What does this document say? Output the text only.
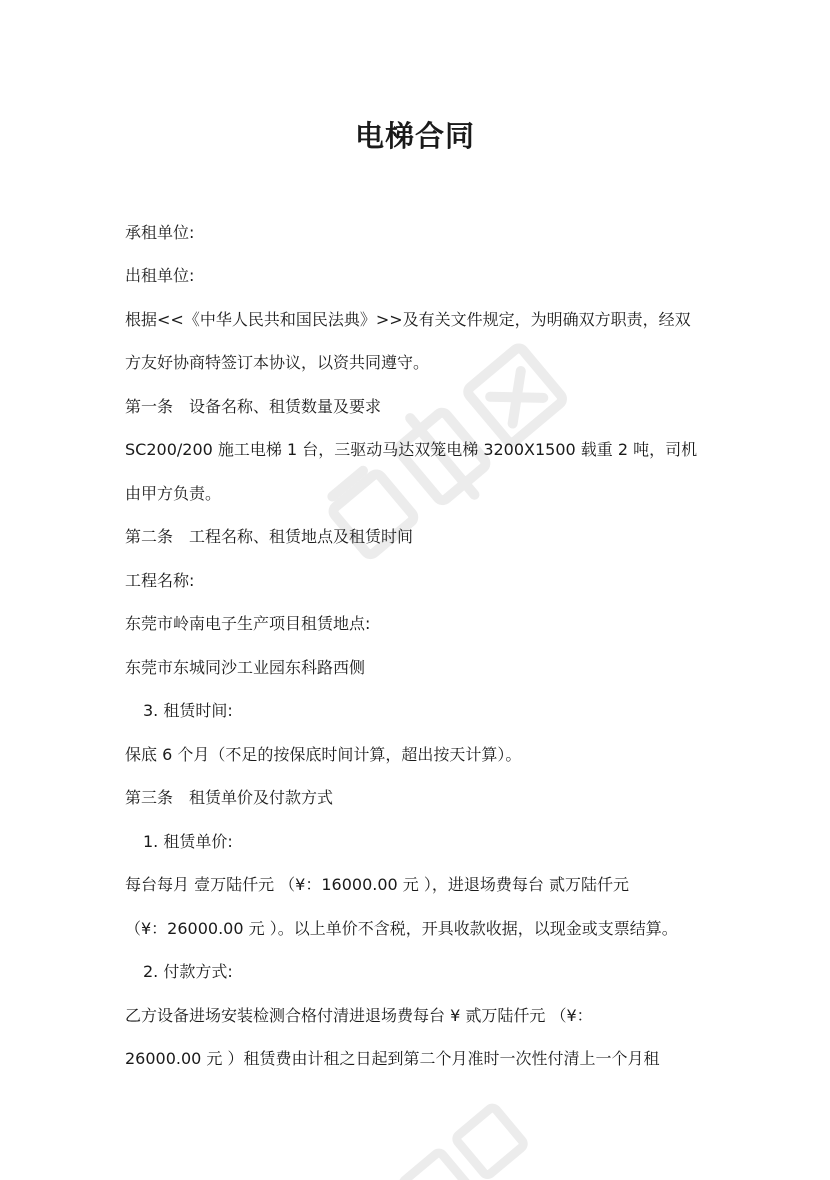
电梯合同
承租单位:
出租单位:
根据<<《中华人民共和国民法典》>>及有关文件规定，为明确双方职责，经双
方友好协商特签订本协议，以资共同遵守。
第一条　设备名称、租赁数量及要求
SC200/200 施工电梯 1 台，三驱动马达双笼电梯 3200X1500 载重 2 吨，司机
由甲方负责。
第二条　工程名称、租赁地点及租赁时间
工程名称:
东莞市岭南电子生产项目租赁地点:
东莞市东城同沙工业园东科路西侧
3. 租赁时间:
保底 6 个月（不足的按保底时间计算，超出按天计算）。
第三条　租赁单价及付款方式
1. 租赁单价:
每台每月 壹万陆仟元 （¥：16000.00 元 ），进退场费每台 贰万陆仟元
（¥：26000.00 元 ）。以上单价不含税，开具收款收据，以现金或支票结算。
2. 付款方式:
乙方设备进场安装检测合格付清进退场费每台 ¥ 贰万陆仟元 （¥：
26000.00 元 ）租赁费由计租之日起到第二个月准时一次性付清上一个月租
